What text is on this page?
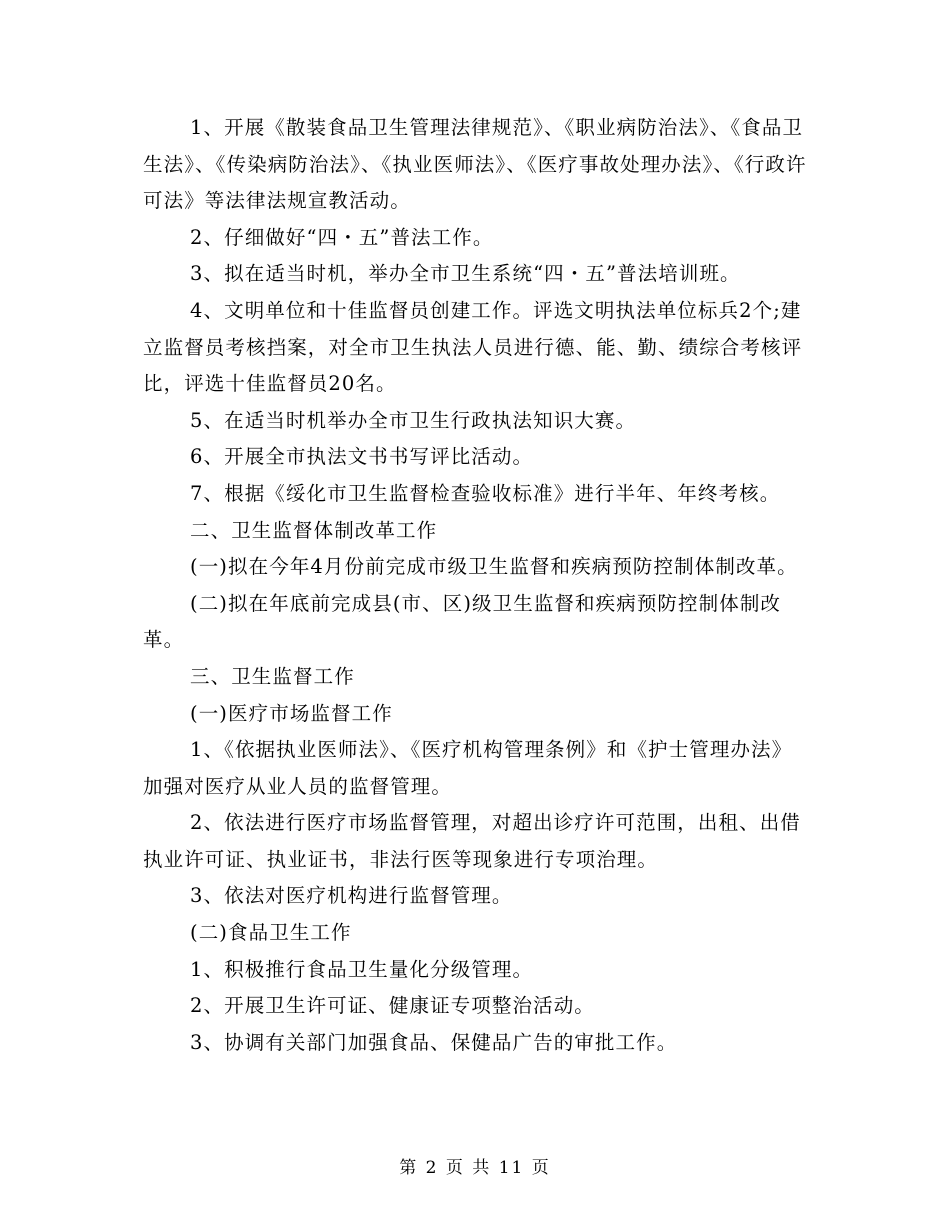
1、开展《散装食品卫生管理法律规范》、《职业病防治法》、《食品卫生法》、《传染病防治法》、《执业医师法》、《医疗事故处理办法》、《行政许可法》等法律法规宣教活动。

2、仔细做好“四・五”普法工作。

3、拟在适当时机，举办全市卫生系统“四・五”普法培训班。

4、文明单位和十佳监督员创建工作。评选文明执法单位标兵2个;建立监督员考核挡案，对全市卫生执法人员进行德、能、勤、绩综合考核评比，评选十佳监督员20名。

5、在适当时机举办全市卫生行政执法知识大赛。

6、开展全市执法文书书写评比活动。

7、根据《绥化市卫生监督检查验收标准》进行半年、年终考核。

二、卫生监督体制改革工作

(一)拟在今年4月份前完成市级卫生监督和疾病预防控制体制改革。

(二)拟在年底前完成县(市、区)级卫生监督和疾病预防控制体制改革。

三、卫生监督工作

(一)医疗市场监督工作

1、《依据执业医师法》、《医疗机构管理条例》和《护士管理办法》加强对医疗从业人员的监督管理。

2、依法进行医疗市场监督管理，对超出诊疗许可范围，出租、出借执业许可证、执业证书，非法行医等现象进行专项治理。

3、依法对医疗机构进行监督管理。

(二)食品卫生工作

1、积极推行食品卫生量化分级管理。

2、开展卫生许可证、健康证专项整治活动。

3、协调有关部门加强食品、保健品广告的审批工作。

第 2 页 共 11 页
